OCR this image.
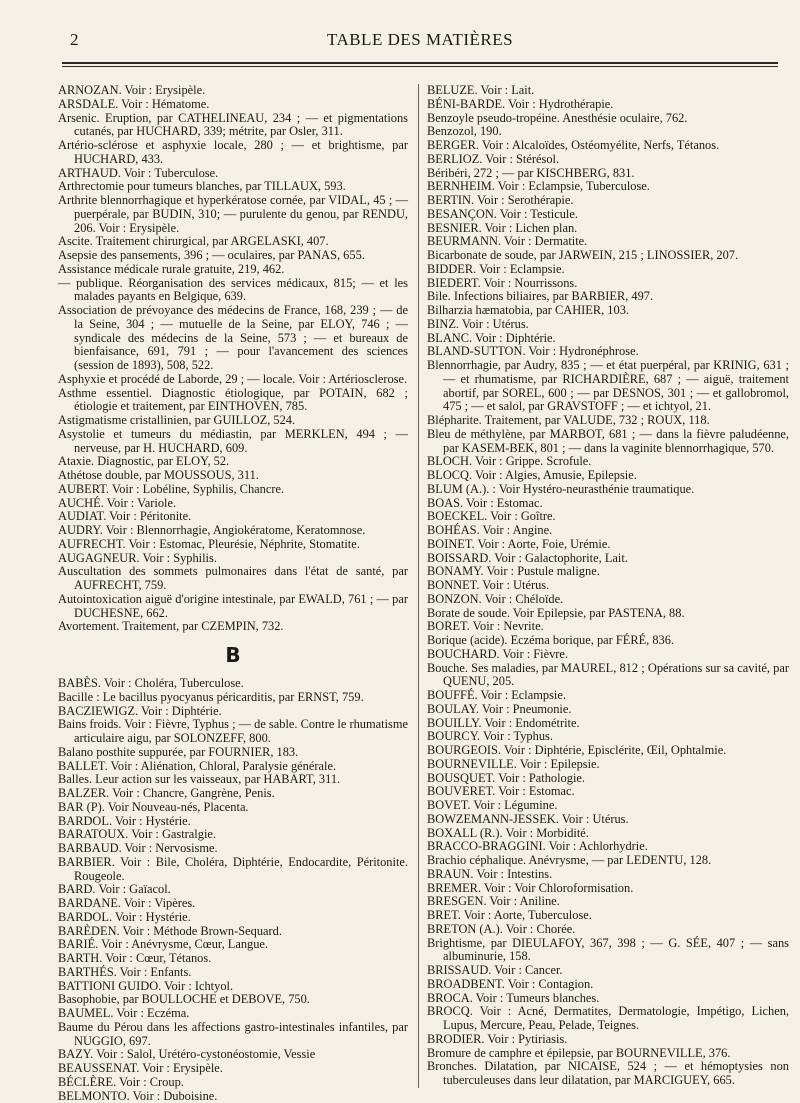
2	TABLE DES MATIÈRES
ARNOZAN. Voir : Erysipèle.
ARSDALE. Voir : Hématome.
Arsenic. Eruption, par CATHELINEAU, 234 ; — et pigmentations cutanés, par HUCHARD, 339; métrite, par Osler, 311.
Artério-sclérose et asphyxie locale, 280 ; — et brightisme, par HUCHARD, 433.
ARTHAUD. Voir : Tuberculose.
Arthrectomie pour tumeurs blanches, par TILLAUX, 593.
Arthrite blennorrhagique et hyperkératose cornée, par VIDAL, 45 ; — puerpérale, par BUDIN, 310; — purulente du genou, par RENDU, 206. Voir : Erysipèle.
Ascite. Traitement chirurgical, par ARGELASKI, 407.
Asepsie des pansements, 396 ; — oculaires, par PANAS, 655.
Assistance médicale rurale gratuite, 219, 462.
— publique. Réorganisation des services médicaux, 815; — et les malades payants en Belgique, 639.
Association de prévoyance des médecins de France, 168, 239 ; — de la Seine, 304 ; — mutuelle de la Seine, par ELOY, 746 ; — syndicale des médecins de la Seine, 573 ; — et bureaux de bienfaisance, 691, 791 ; — pour l'avancement des sciences (session de 1893), 508, 522.
Asphyxie et procédé de Laborde, 29 ; — locale. Voir : Artériosclerose.
Asthme essentiel. Diagnostic étiologique, par POTAIN, 682 ; étiologie et traitement, par EINTHOVEN, 785.
Astigmatisme cristallinien, par GUILLOZ, 524.
Asystolie et tumeurs du médiastin, par MERKLEN, 494 ; — nerveuse, par H. HUCHARD, 609.
Ataxie. Diagnostic, par ELOY, 52.
Athétose double, par MOUSSOUS, 311.
AUBERT. Voir : Lobéline, Syphilis, Chancre.
AUCHÉ. Voir : Variole.
AUDIAT. Voir : Péritonite.
AUDRY. Voir : Blennorrhagie, Angiokératome, Keratomnose.
AUFRECHT. Voir : Estomac, Pleurésie, Néphrite, Stomatite.
AUGAGNEUR. Voir : Syphilis.
Auscultation des sommets pulmonaires dans l'état de santé, par AUFRECHT, 759.
Autointoxication aiguë d'origine intestinale, par EWALD, 761 ; — par DUCHESNE, 662.
Avortement. Traitement, par CZEMPIN, 732.
B
BABÈS. Voir : Choléra, Tuberculose.
Bacille : Le bacillus pyocyanus péricarditis, par ERNST, 759.
BACZIEWIGZ. Voir : Diphtérie.
Bains froids. Voir : Fièvre, Typhus ; — de sable. Contre le rhumatisme articulaire aigu, par SOLONZEFF, 800.
Balano posthite suppurée, par FOURNIER, 183.
BALLET. Voir : Aliénation, Chloral, Paralysie générale.
Balles. Leur action sur les vaisseaux, par HABART, 311.
BALZER. Voir : Chancre, Gangrène, Penis.
BAR (P). Voir Nouveau-nés, Placenta.
BARDOL. Voir : Hystérie.
BARATOUX. Voir : Gastralgie.
BARBAUD. Voir : Nervosisme.
BARBIER. Voir : Bile, Choléra, Diphtérie, Endocardite, Péritonite. Rougeole.
BARD. Voir : Gaïacol.
BARDANE. Voir : Vipères.
BARDOL. Voir : Hystérie.
BARÈDEN. Voir : Méthode Brown-Sequard.
BARIÉ. Voir : Anévrysme, Cœur, Langue.
BARTH. Voir : Cœur, Tétanos.
BARTHÉS. Voir : Enfants.
BATTIONI GUIDO. Voir : Ichtyol.
Basophobie, par BOULLOCHE et DEBOVE, 750.
BAUMEL. Voir : Eczéma.
Baume du Pérou dans les affections gastro-intestinales infantiles, par NUGGIO, 697.
BAZY. Voir : Salol, Urétéro-cystonéostomie, Vessie
BEAUSSENAT. Voir : Erysipèle.
BÉCLÈRE. Voir : Croup.
BELMONTO. Voir : Duboisine.
BELUZE. Voir : Lait.
BÉNI-BARDE. Voir : Hydrothérapie.
Benzoyle pseudo-tropéine. Anesthésie oculaire, 762.
Benzozol, 190.
BERGER. Voir : Alcaloïdes, Ostéomyélite, Nerfs, Tétanos.
BERLIOZ. Voir : Stérésol.
Béribéri, 272 ; — par KISCHBERG, 831.
BERNHEIM. Voir : Eclampsie, Tuberculose.
BERTIN. Voir : Serothérapie.
BESANÇON. Voir : Testicule.
BESNIER. Voir : Lichen plan.
BEURMANN. Voir : Dermatite.
Bicarbonate de soude, par JARWEIN, 215 ; LINOSSIER, 207.
BIDDER. Voir : Eclampsie.
BIEDERT. Voir : Nourrissons.
Bile. Infections biliaires, par BARBIER, 497.
Bilharzia hæmatobia, par CAHIER, 103.
BINZ. Voir : Utérus.
BLANC. Voir : Diphtérie.
BLAND-SUTTON. Voir : Hydronéphrose.
Blennorrhagie, par Audry, 835 ; — et état puerpéral, par KRINIG, 631 ; — et rhumatisme, par RICHARDIÈRE, 687 ; — aiguë, traitement abortif, par SOREL, 600 ; — par DESNOS, 301 ; — et gallobromol, 475 ; — et salol, par GRAVSTOFF ; — et ichtyol, 21.
Blépharite. Traitement, par VALUDE, 732 ; ROUX, 118.
Bleu de méthylène, par MARBOT, 681 ; — dans la fièvre paludéenne, par KASEM-BEK, 801 ; — dans la vaginite blennorrhagique, 570.
BLOCH. Voir : Grippe. Scrofule.
BLOCQ. Voir : Algies, Amusie, Epilepsie.
BLUM (A.). : Voir Hystéro-neurasthénie traumatique.
BOAS. Voir : Estomac.
BOECKEL. Voir : Goître.
BOHÉAS. Voir : Angine.
BOINET. Voir : Aorte, Foie, Urémie.
BOISSARD. Voir : Galactophorite, Lait.
BONAMY. Voir : Pustule maligne.
BONNET. Voir : Utérus.
BONZON. Voir : Chéloïde.
Borate de soude. Voir Epilepsie, par PASTENA, 88.
BORET. Voir : Nevrite.
Borique (acide). Eczéma borique, par FÉRÉ, 836.
BOUCHARD. Voir : Fièvre.
Bouche. Ses maladies, par MAUREL, 812 ; Opérations sur sa cavité, par QUENU, 205.
BOUFFÉ. Voir : Eclampsie.
BOULAY. Voir : Pneumonie.
BOUILLY. Voir : Endométrite.
BOURCY. Voir : Typhus.
BOURGEOIS. Voir : Diphtérie, Episclérite, Œil, Ophtalmie.
BOURNEVILLE. Voir : Epilepsie.
BOUSQUET. Voir : Pathologie.
BOUVERET. Voir : Estomac.
BOVET. Voir : Légumine.
BOWZEMANN-JESSEK. Voir : Utérus.
BOXALL (R.). Voir : Morbidité.
BRACCO-BRAGGINI. Voir : Achlorhydrie.
Brachio céphalique. Anévrysme, — par LEDENTU, 128.
BRAUN. Voir : Intestins.
BREMER. Voir : Voir Chloroformisation.
BRESGEN. Voir : Aniline.
BRET. Voir : Aorte, Tuberculose.
BRETON (A.). Voir : Chorée.
Brightisme, par DIEULAFOY, 367, 398 ; — G. SÉE, 407 ; — sans albuminurie, 158.
BRISSAUD. Voir : Cancer.
BROADBENT. Voir : Contagion.
BROCA. Voir : Tumeurs blanches.
BROCQ. Voir : Acné, Dermatites, Dermatologie, Impétigo, Lichen, Lupus, Mercure, Peau, Pelade, Teignes.
BRODIER. Voir : Pytiriasis.
Bromure de camphre et épilepsie, par BOURNEVILLE, 376.
Bronches. Dilatation, par NICAISE, 524 ; — et hémoptysies non tuberculeuses dans leur dilatation, par MARCIGUEY, 665.
